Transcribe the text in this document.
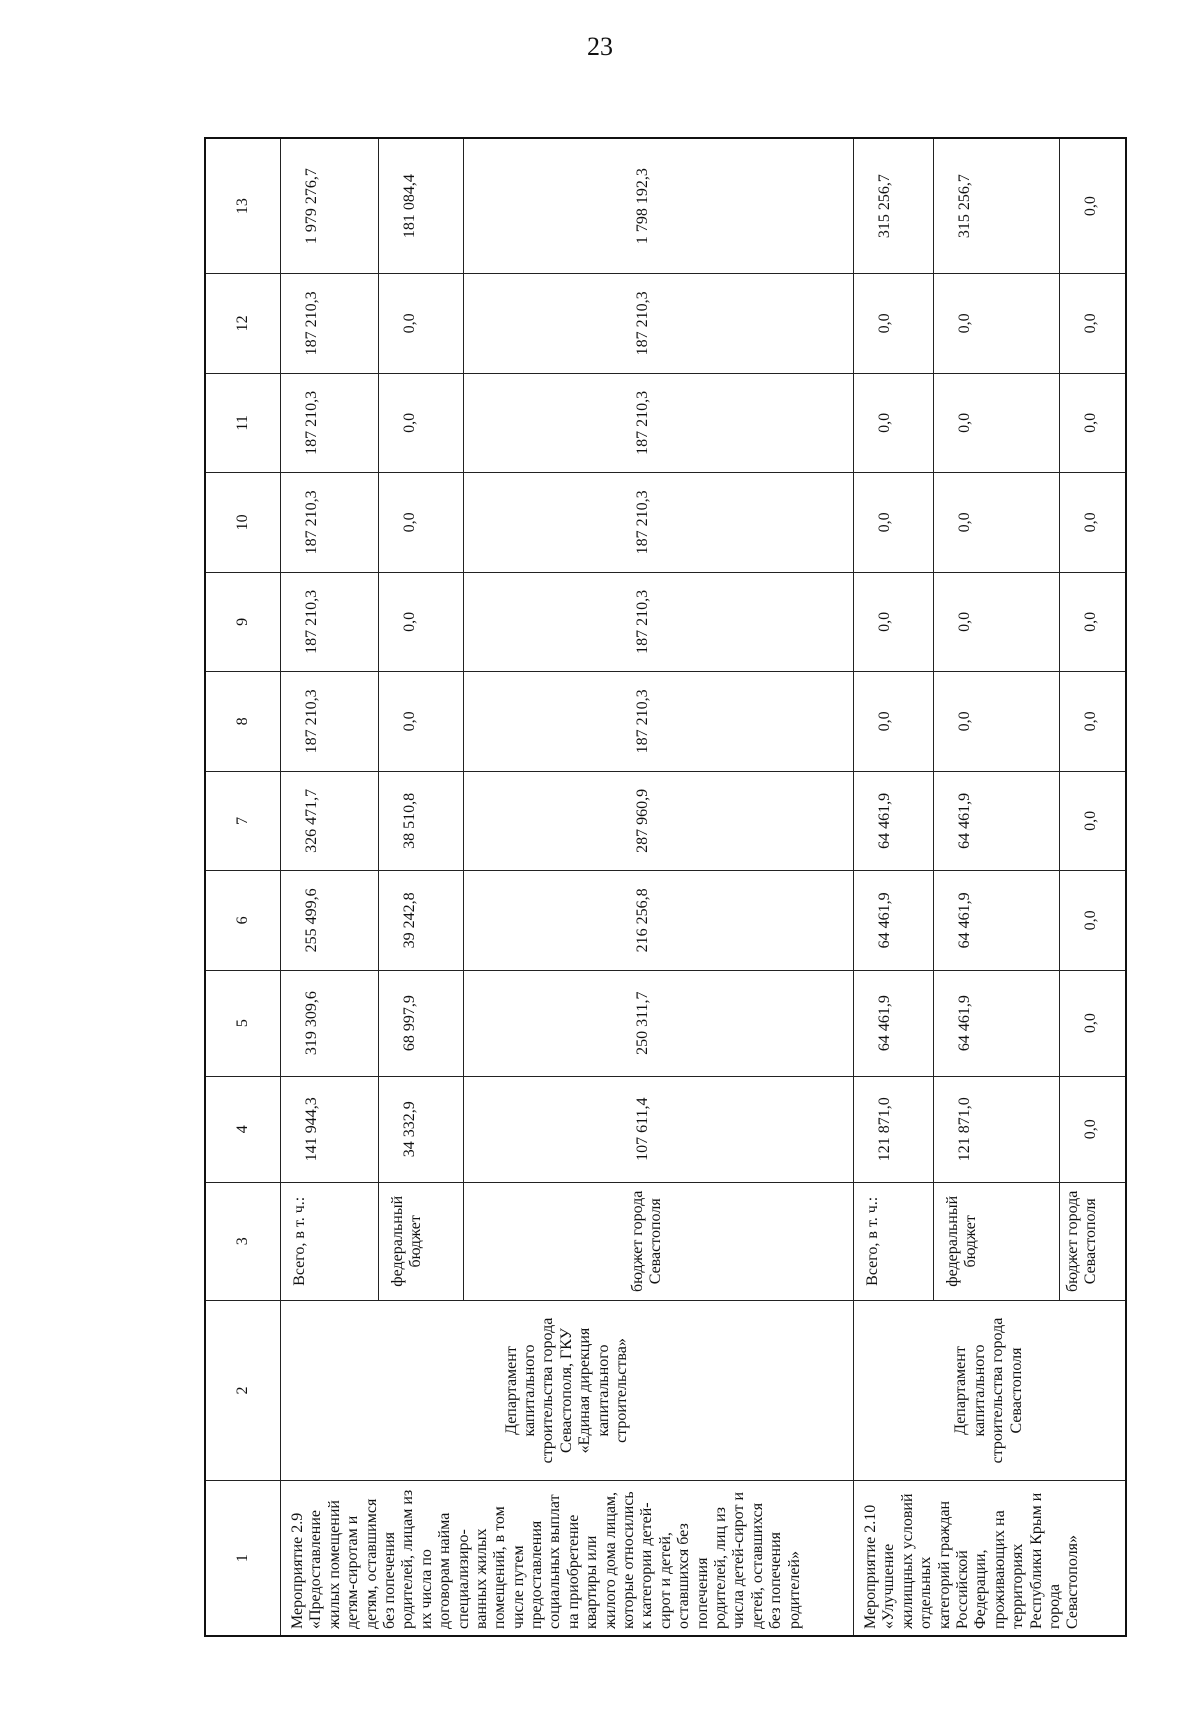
23
1	2	3	4	5	6	7	8	9	10	11	12	13
Мероприятие 2.9 «Предоставление жилых помещений детям-сиротам и детям, оставшимся без попечения родителей, лицам из их числа по договорам найма специализиро-ванных жилых помещений, в том числе путем предоставления социальных выплат на приобретение квартиры или жилого дома лицам, которые относились к категории детей-сирот и детей, оставшихся без попечения родителей, лиц из числа детей-сирот и детей, оставшихся без попечения родителей»	Департамент капитального строительства города Севастополя, ГКУ «Единая дирекция капитального строительства»	Всего, в т. ч.:	141 944,3	319 309,6	255 499,6	326 471,7	187 210,3	187 210,3	187 210,3	187 210,3	187 210,3	1 979 276,7
		федеральный бюджет	34 332,9	68 997,9	39 242,8	38 510,8	0,0	0,0	0,0	0,0	0,0	181 084,4
		бюджет города Севастополя	107 611,4	250 311,7	216 256,8	287 960,9	187 210,3	187 210,3	187 210,3	187 210,3	187 210,3	1 798 192,3
Мероприятие 2.10 «Улучшение жилищных условий отдельных категорий граждан Российской Федерации, проживающих на территориях Республики Крым и города Севастополя»	Департамент капитального строительства города Севастополя	Всего, в т. ч.:	121 871,0	64 461,9	64 461,9	64 461,9	0,0	0,0	0,0	0,0	0,0	315 256,7
		федеральный бюджет	121 871,0	64 461,9	64 461,9	64 461,9	0,0	0,0	0,0	0,0	0,0	315 256,7
		бюджет города Севастополя	0,0	0,0	0,0	0,0	0,0	0,0	0,0	0,0	0,0	0,0
